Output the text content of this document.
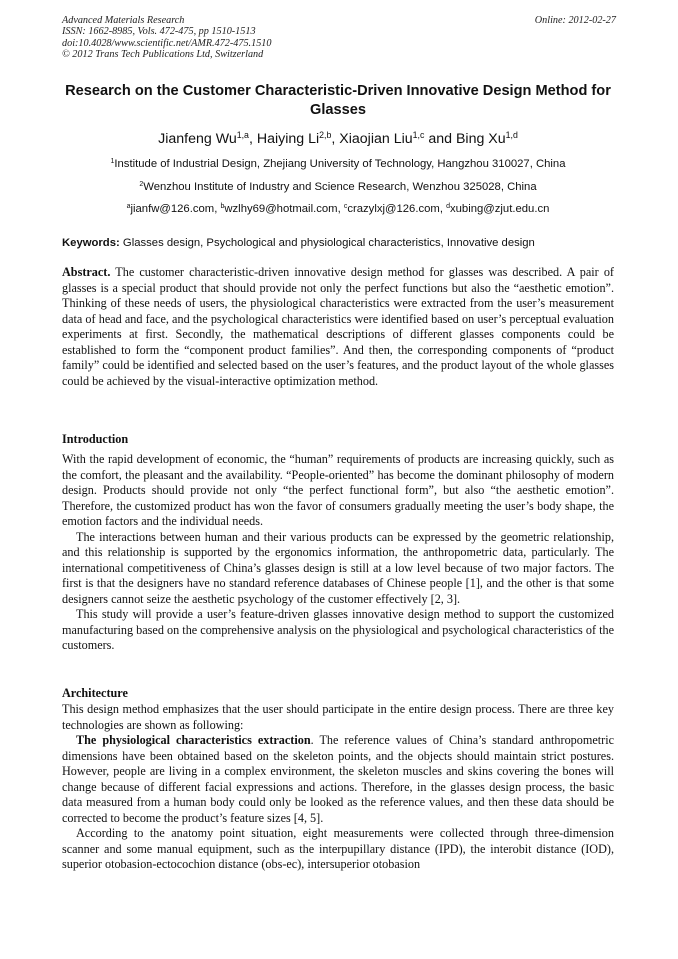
Advanced Materials Research
ISSN: 1662-8985, Vols. 472-475, pp 1510-1513
doi:10.4028/www.scientific.net/AMR.472-475.1510
© 2012 Trans Tech Publications Ltd, Switzerland
Online: 2012-02-27
Research on the Customer Characteristic-Driven Innovative Design Method for Glasses
Jianfeng Wu$^{1,a}$, Haiying Li$^{2,b}$, Xiaojian Liu$^{1,c}$ and Bing Xu$^{1,d}$
$^1$Institude of Industrial Design, Zhejiang University of Technology, Hangzhou 310027, China
$^2$Wenzhou Institute of Industry and Science Research, Wenzhou 325028, China
$^a$jianfw@126.com, $^b$wzlhy69@hotmail.com, $^c$crazylxj@126.com, $^d$xubing@zjut.edu.cn
Keywords: Glasses design, Psychological and physiological characteristics, Innovative design
Abstract. The customer characteristic-driven innovative design method for glasses was described. A pair of glasses is a special product that should provide not only the perfect functions but also the “aesthetic emotion”. Thinking of these needs of users, the physiological characteristics were extracted from the user’s measurement data of head and face, and the psychological characteristics were identified based on user’s perceptual evaluation experiments at first. Secondly, the mathematical descriptions of different glasses components could be established to form the “component product families”. And then, the corresponding components of “product family” could be identified and selected based on the user’s features, and the product layout of the whole glasses could be achieved by the visual-interactive optimization method.
Introduction

With the rapid development of economic, the “human” requirements of products are increasing quickly, such as the comfort, the pleasant and the availability. “People-oriented” has become the dominant philosophy of modern design. Products should provide not only “the perfect functional form”, but also “the aesthetic emotion”. Therefore, the customized product has won the favor of consumers gradually meeting the user’s body shape, the emotion factors and the individual needs.

The interactions between human and their various products can be expressed by the geometric relationship, and this relationship is supported by the ergonomics information, the anthropometric data, particularly. The international competitiveness of China’s glasses design is still at a low level because of two major factors. The first is that the designers have no standard reference databases of Chinese people [1], and the other is that some designers cannot seize the aesthetic psychology of the customer effectively [2, 3].

This study will provide a user’s feature-driven glasses innovative design method to support the customized manufacturing based on the comprehensive analysis on the physiological and psychological characteristics of the customers.

Architecture

This design method emphasizes that the user should participate in the entire design process. There are three key technologies are shown as following:

The physiological characteristics extraction. The reference values of China’s standard anthropometric dimensions have been obtained based on the skeleton points, and the objects should maintain strict postures. However, people are living in a complex environment, the skeleton muscles and skins covering the bones will change because of different facial expressions and actions. Therefore, in the glasses design process, the basic data measured from a human body could only be looked as the reference values, and then these data should be corrected to become the product’s feature sizes [4, 5].

According to the anatomy point situation, eight measurements were collected through three-dimension scanner and some manual equipment, such as the interpupillary distance (IPD), the interobit distance (IOD), superior otobasion-ectocochion distance (obs-ec), intersuperior otobasion
